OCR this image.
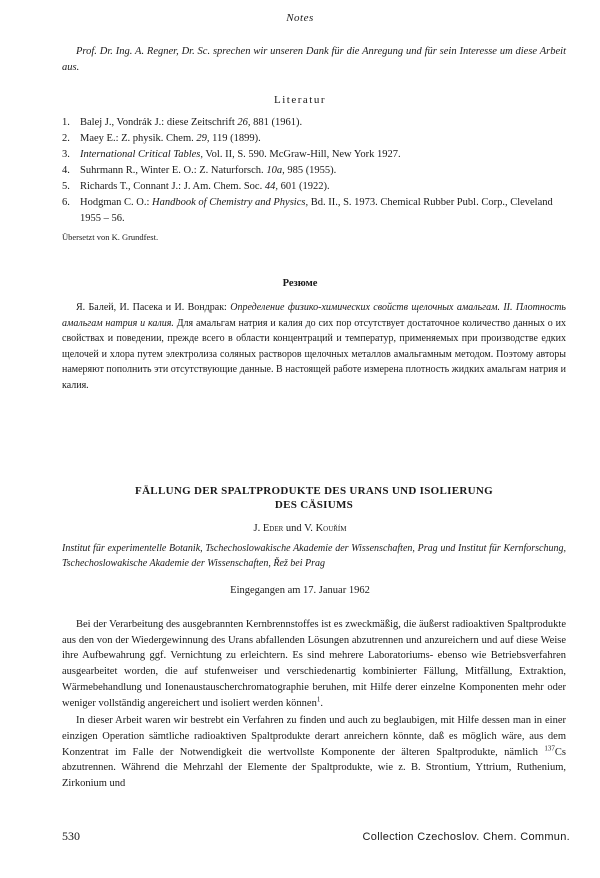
Notes
Prof. Dr. Ing. A. Regner, Dr. Sc. sprechen wir unseren Dank für die Anregung und für sein Interesse um diese Arbeit aus.
Literatur
1. Balej J., Vondrák J.: diese Zeitschrift 26, 881 (1961).
2. Maey E.: Z. physik. Chem. 29, 119 (1899).
3. International Critical Tables, Vol. II, S. 590. McGraw-Hill, New York 1927.
4. Suhrmann R., Winter E. O.: Z. Naturforsch. 10a, 985 (1955).
5. Richards T., Connant J.: J. Am. Chem. Soc. 44, 601 (1922).
6. Hodgman C. O.: Handbook of Chemistry and Physics, Bd. II., S. 1973. Chemical Rubber Publ. Corp., Cleveland 1955 – 56.
Übersetzt von K. Grundfest.
Резюме
Я. Балей, И. Пасека и И. Вондрак: Определение физико-химических свойств щелочных амальгам. II. Плотность амальгам натрия и калия. Для амальгам натрия и калия до сих пор отсутствует достаточное количество данных о их свойствах и поведении, прежде всего в области концентраций и температур, применяемых при производстве едких щелочей и хлора путем электролиза соляных растворов щелочных металлов амальгамным методом. Поэтому авторы намеряют пополнить эти отсутствующие данные. В настоящей работе измерена плотность жидких амальгам натрия и калия.
FÄLLUNG DER SPALTPRODUKTE DES URANS UND ISOLIERUNG
DES CÄSIUMS
J. Eder und V. Kouřím
Institut für experimentelle Botanik, Tschechoslowakische Akademie der Wissenschaften, Prag und Institut für Kernforschung, Tschechoslowakische Akademie der Wissenschaften, Řež bei Prag
Eingegangen am 17. Januar 1962

Bei der Verarbeitung des ausgebrannten Kernbrennstoffes ist es zweckmäßig, die äußerst radioaktiven Spaltprodukte aus den von der Wiedergewinnung des Urans abfallenden Lösungen abzutrennen und anzureichern und auf diese Weise ihre Aufbewahrung ggf. Vernichtung zu erleichtern. Es sind mehrere Laboratoriums- ebenso wie Betriebsverfahren ausgearbeitet worden, die auf stufenweiser und verschiedenartig kombinierter Fällung, Mitfällung, Extraktion, Wärmebehandlung und Ionenaustauscherchromatographie beruhen, mit Hilfe derer einzelne Komponenten mehr oder weniger vollständig angereichert und isoliert werden können$^1$.

In dieser Arbeit waren wir bestrebt ein Verfahren zu finden und auch zu beglaubigen, mit Hilfe dessen man in einer einzigen Operation sämtliche radioaktiven Spaltprodukte derart anreichern könnte, daß es möglich wäre, aus dem Konzentrat im Falle der Notwendigkeit die wertvollste Komponente der älteren Spaltprodukte, nämlich $^{137}$Cs abzutrennen. Während die Mehrzahl der Elemente der Spaltprodukte, wie z. B. Strontium, Yttrium, Ruthenium, Zirkonium und

530	Collection Czechoslov. Chem. Commun.
